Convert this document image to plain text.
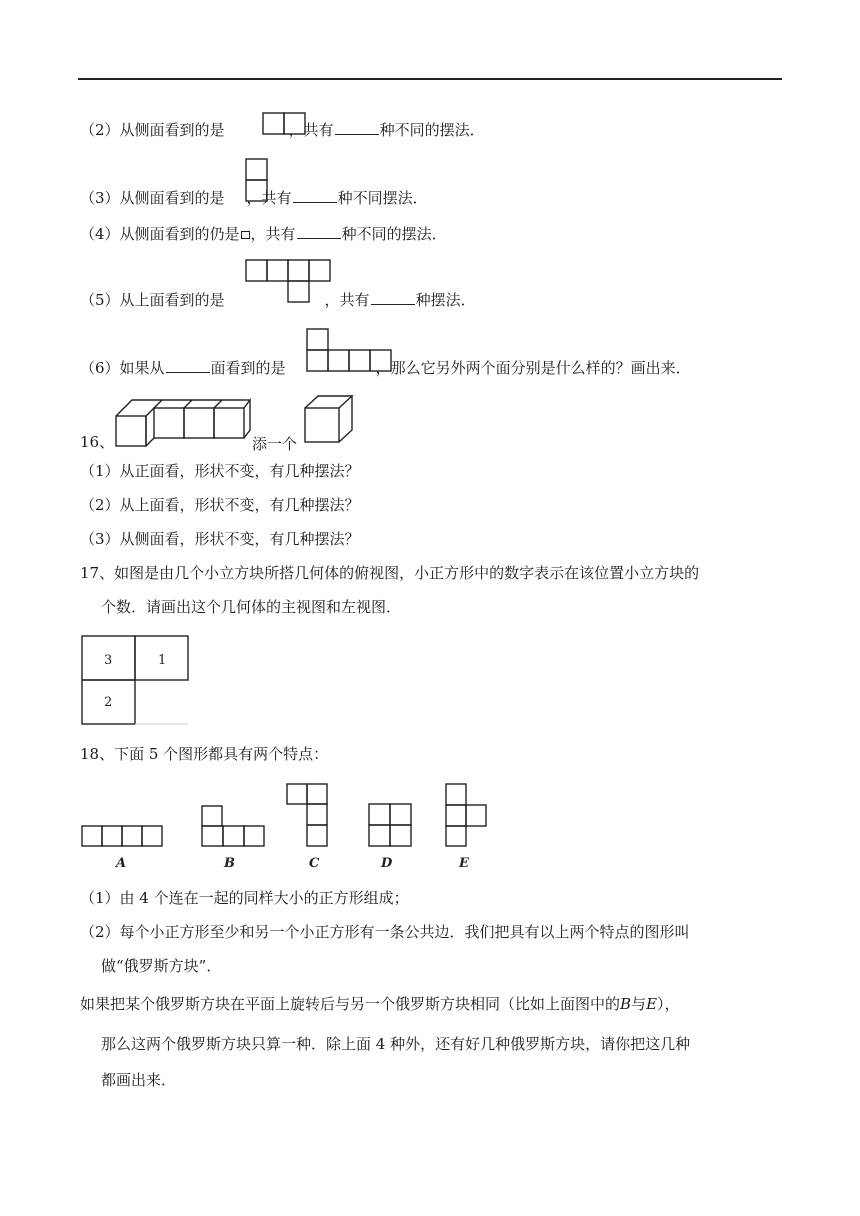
（2）从侧面看到的是	，共有	种不同的摆法．
（3）从侧面看到的是 ，共有	种不同摆法．
（4）从侧面看到的仍是 ，共有	种不同的摆法．
（5）从上面看到的是	，共有	种摆法．
（6）如果从	面看到的是	，那么它另外两个面分别是什么样的？画出来．
16、	添一个
（1）从正面看，形状不变，有几种摆法？
（2）从上面看，形状不变，有几种摆法？
（3）从侧面看，形状不变，有几种摆法？
17、如图是由几个小立方块所搭几何体的俯视图，小正方形中的数字表示在该位置小立方块的
个数．请画出这个几何体的主视图和左视图．
3	1
2
18、下面 5 个图形都具有两个特点：
A	B	C	D	E
（1）由 4 个连在一起的同样大小的正方形组成；
（2）每个小正方形至少和另一个小正方形有一条公共边．我们把具有以上两个特点的图形叫
做“俄罗斯方块”．
如果把某个俄罗斯方块在平面上旋转后与另一个俄罗斯方块相同（比如上面图中的B与E），
那么这两个俄罗斯方块只算一种．除上面 4 种外，还有好几种俄罗斯方块，请你把这几种
都画出来．
